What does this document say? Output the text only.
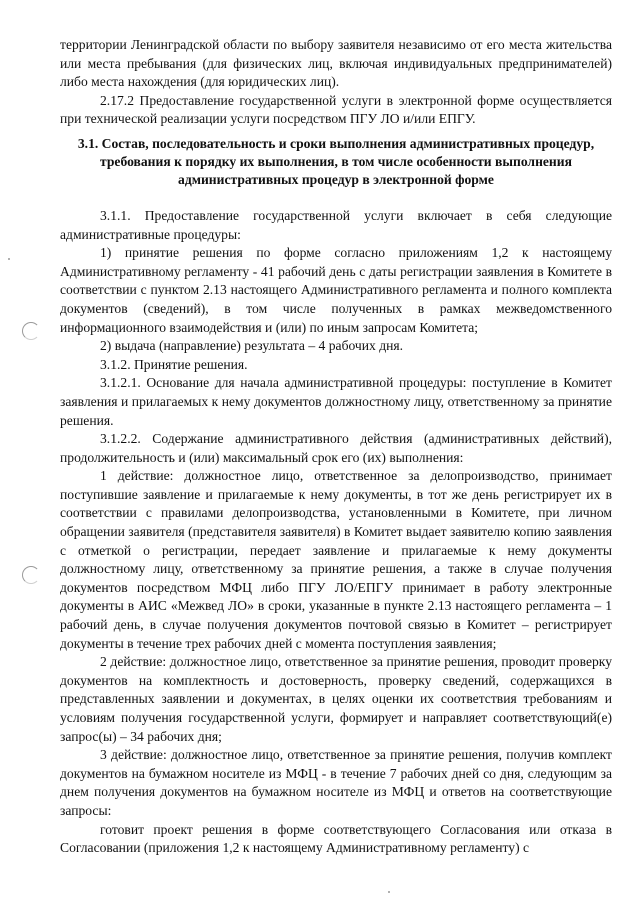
территории Ленинградской области по выбору заявителя независимо от его места жительства или места пребывания (для физических лиц, включая индивидуальных предпринимателей) либо места нахождения (для юридических лиц).

2.17.2 Предоставление государственной услуги в электронной форме осуществляется при технической реализации услуги посредством ПГУ ЛО и/или ЕПГУ.

3.1. Состав, последовательность и сроки выполнения административных процедур, требования к порядку их выполнения, в том числе особенности выполнения административных процедур в электронной форме

3.1.1. Предоставление государственной услуги включает в себя следующие административные процедуры:

1) принятие решения по форме согласно приложениям 1,2 к настоящему Административному регламенту - 41 рабочий день с даты регистрации заявления в Комитете в соответствии с пунктом 2.13 настоящего Административного регламента и полного комплекта документов (сведений), в том числе полученных в рамках межведомственного информационного взаимодействия и (или) по иным запросам Комитета;

2) выдача (направление) результата – 4 рабочих дня.

3.1.2. Принятие решения.

3.1.2.1. Основание для начала административной процедуры: поступление в Комитет заявления и прилагаемых к нему документов должностному лицу, ответственному за принятие решения.

3.1.2.2. Содержание административного действия (административных действий), продолжительность и (или) максимальный срок его (их) выполнения:

1 действие: должностное лицо, ответственное за делопроизводство, принимает поступившие заявление и прилагаемые к нему документы, в тот же день регистрирует их в соответствии с правилами делопроизводства, установленными в Комитете, при личном обращении заявителя (представителя заявителя) в Комитет выдает заявителю копию заявления с отметкой о регистрации, передает заявление и прилагаемые к нему документы должностному лицу, ответственному за принятие решения, а также в случае получения документов посредством МФЦ либо ПГУ ЛО/ЕПГУ принимает в работу электронные документы в АИС «Межвед ЛО» в сроки, указанные в пункте 2.13 настоящего регламента – 1 рабочий день, в случае получения документов почтовой связью в Комитет – регистрирует документы в течение трех рабочих дней с момента поступления заявления;

2 действие: должностное лицо, ответственное за принятие решения, проводит проверку документов на комплектность и достоверность, проверку сведений, содержащихся в представленных заявлении и документах, в целях оценки их соответствия требованиям и условиям получения государственной услуги, формирует и направляет соответствующий(е) запрос(ы) – 34 рабочих дня;

3 действие: должностное лицо, ответственное за принятие решения, получив комплект документов на бумажном носителе из МФЦ - в течение 7 рабочих дней со дня, следующим за днем получения документов на бумажном носителе из МФЦ и ответов на соответствующие запросы:

готовит проект решения в форме соответствующего Согласования или отказа в Согласовании (приложения 1,2 к настоящему Административному регламенту) с
